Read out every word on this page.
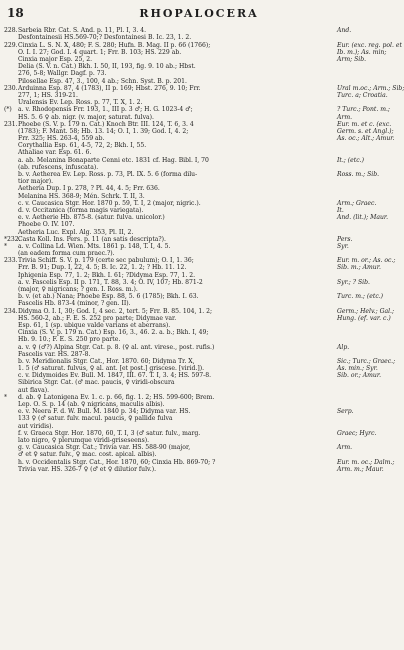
18	RHOPALOCERA
228. Sarbeia Rbr. Cat. S. And. p. 11, Pl. I, 3. 4.	And.
Desfontainesii HS.569-70;? Desfontainesi B. Ic. 23, 1. 2.
229. Cinxia L. S. N. X, 480; F. S. 280; Hufn. B. Mag. II p. 66 (1766);	Eur. (exc. reg. pol. et
O. I. I. 27; God. I. 4 quart. 1; Frr. B. 103; HS. 229 ab.	Ib. m.); As. min;
Cinxia major Esp. 25, 2.	Arm; Sib.
Delia (S. V. n. Cat.) Bkh. I. 50, II, 193, fig. 9. 10 ab.; Hbst.
276, 5-8; Wallgr. Dagf. p. 73.
Pilosellae Esp. 47, 3., 100, 4 ab.; Schn. Syst. B. p. 201.
230. Arduinna Esp. 87, 4 (1783), II p. 169; Hbst. 276, 9. 10; Frr.	Ural m.oc.; Arm.; Sib;
277, 1; HS. 319-21.	Turc. a; Croatia.
Uralensis Ev. Lep. Ross. p. 77, T. X, 1. 2.
(*)	a. v. Rhodopensis Frr. 193, 1., III p. 3 ♂; H. G. 1023-4 ♂;	? Turc.; Pont. m.;
HS. 5. 6 ♀ ab. nigr. (v. major, saturat. fulva).	Arm.
231. Phoebe (S. V. p. 179 n. Cat.) Knoch Btr. III. 124, T. 6, 3. 4	Eur. m. et c. (exc.
(1783); F. Mant. 58; Hb. 13. 14; O. I, 1. 39; God. I, 4. 2;	Germ. s. et Angl.);
Frr. 325; HS. 263-4, 559 ab.	As. oc.; Alt.; Amur.
Corythallia Esp. 61, 4-5, 72, 2; Bkh. I, 55.
Athaliae var. Esp. 61. 6.
a. ab. Melanina Bonaparte Cenni etc. 1831 cf. Hag. Bibl. I, 70	It.; (etc.)
(ab. rufescens, infuscata).
b. v. Aetherea Ev. Lep. Ross. p. 73, Pl. IX. 5. 6 (forma dilu-	Ross. m.; Sib.
tior major).
Aetheria Dup. I p. 278, ? Pl. 44, 4. 5; Frr. 636.
Melanina HS. 368-9; Mén. Schrk. T. II, 3.
c. v. Caucasica Stgr. Hor. 1870 p. 59, T. I, 2 (major, nigric.).	Arm.; Graec.
d. v. Occitanica (forma magis variegata).	It.
e. v. Aetherie Hb. 875-8. (satur. fulva. unicolor.)	And. (lit.); Maur.
Phoebe O. IV. 107.
Aetheria Luc. Expl. Alg. 353, Pl. II, 2.
*232.
Casta Koll. Ins. Pers. p. 11 (an satis descripta?).	Pers.
*	a. v. Collina Ld. Wien. Mts. 1861 p. 148, T. I, 4. 5.	Syr.
(an eadem forma cum praec.?).
233. Trivia Schiff. S. V. p. 179 (certe sec pabulum); O. I, 1. 36;	Eur. m. or.; As. oc.;
Frr. B. 91; Dup. I, 22, 4. 5; B. Ic. 22, 1. 2; ? Hb. 11. 12.	Sib. m.; Amur.
Iphigenia Esp. 77, 1. 2; Bkh. I. 61; ?Didyma Esp. 77, 1. 2.
a. v. Fascelis Esp. II p. 171, T. 88, 3. 4; O. IV, 107; Hb. 871-2	Syr.; ? Sib.
(major, ♀ nigricans; ? gen. I. Ross. m.).
b. v. (et ab.) Nana; Phoebe Esp. 88, 5. 6 (1785); Bkh. I. 63.	Turc. m.; (etc.)
Fascelis Hb. 873-4 (minor, ? gen. II).
234. Didyma O. I. I, 30; God. I, 4 sec. 2, tert. 5; Frr. B. 85. 104, 1. 2;	Germ.; Helv.; Gal.;
HS. 560-2, ab.; F. E. S. 252 pro parte; Didymae var.	Hung. (ef. var. c.)
Esp. 61, 1 (sp. ubique valde varians et aberrans).
Cinxia (S. V. p. 179 n. Cat.) Esp. 16, 3., 46. 2. a. b.; Bkh. I, 49;
Hb. 9. 10.; F. E. S. 250 pro parte.
a. v. ♀ (♂?) Alpina Stgr. Cat. p. 8. (♀ al. ant. virese., post. rufis.)	Alp.
Fascelis var. HS. 287-8.
b. v. Meridionalis Stgr. Cat., Hor. 1870. 60; Didyma Tr. X,	Sic.; Turc.; Graec.;
1. 5 (♂ saturat. fulvus, ♀ al. ant. [et post.] griscese. [virid.]).	As. min.; Syr.
c. v. Didymoides Ev. Bull. M. 1847, III. 67. T. I, 3. 4; HS. 597-8.	Sib. or.; Amur.
Sibirica Stgr. Cat. (♂ mac. paucis, ♀ viridi-obscura
aut flava).
*	d. ab. ♀ Latonigena Ev. 1. c. p. 66, fig. 1. 2; HS. 599-600; Brem.
Lep. O. S. p. 14 (ab. ♀ nigricans, maculis albis).
e. v. Neera F. d. W. Bull. M. 1840 p. 34; Didyma var. HS.	Serp.
133 ♀ (♂ satur. fulv. macul. paucis, ♀ pallide fulva
aut viridis).
f. v. Graeca Stgr. Hor. 1870, 60, T. I, 3 (♂ satur. fulv., marg.	Graec; Hyrc.
lato nigro, ♀ plerumque viridi-griseseens).
g. v. Caucasica Stgr. Cat.; Trivia var. HS. 588-90 (major,	Arm.
♂ et ♀ satur. fulv., ♀ mac. cost. apical. albis).
h. v. Occidentalis Stgr. Cat., Hor. 1870, 60; Cinxia Hb. 869-70; ?	Eur. m. oc.; Dalm.;
Trivia var. HS. 326-7 ♀ (♂ et ♀ dilutior fulv.).	Arm. m.; Maur.
